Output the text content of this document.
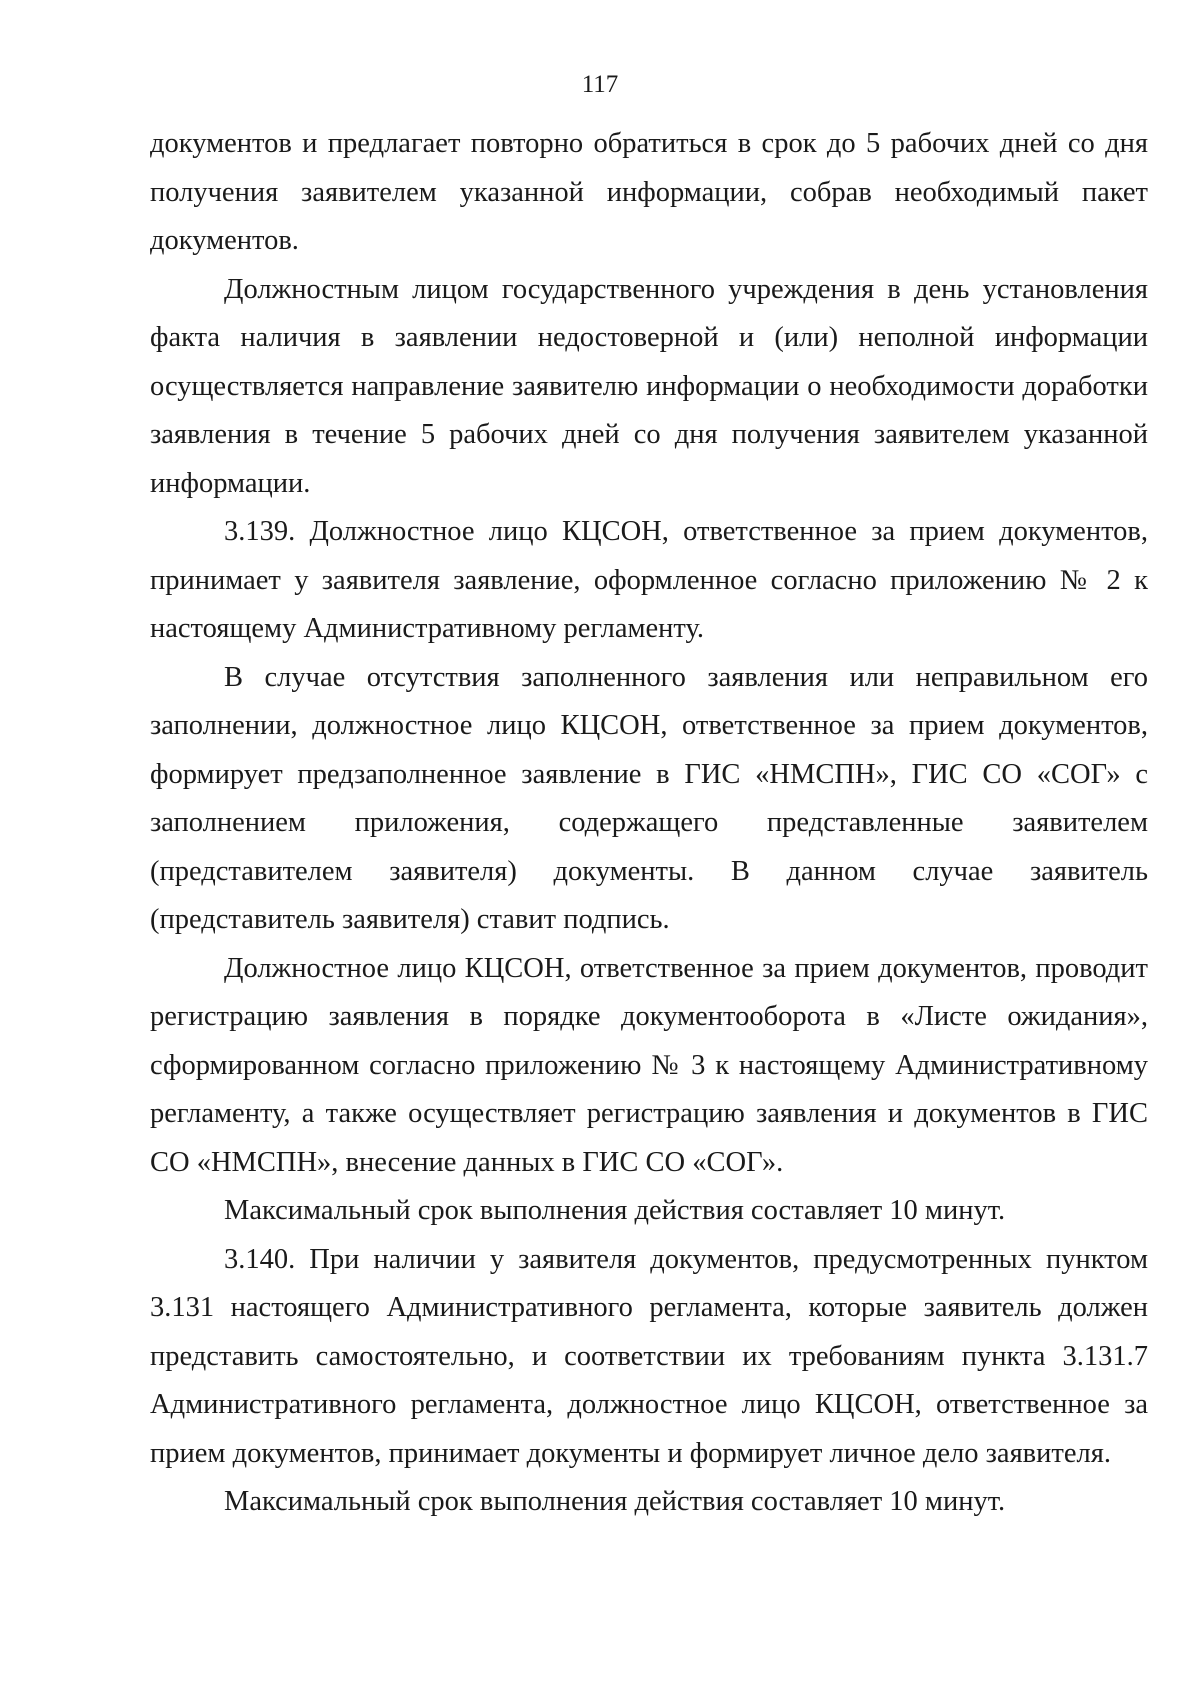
117

документов и предлагает повторно обратиться в срок до 5 рабочих дней со дня получения заявителем указанной информации, собрав необходимый пакет документов.

Должностным лицом государственного учреждения в день установления факта наличия в заявлении недостоверной и (или) неполной информации осуществляется направление заявителю информации о необходимости доработки заявления в течение 5 рабочих дней со дня получения заявителем указанной информации.

3.139. Должностное лицо КЦСОН, ответственное за прием документов, принимает у заявителя заявление, оформленное согласно приложению № 2 к настоящему Административному регламенту.

В случае отсутствия заполненного заявления или неправильном его заполнении, должностное лицо КЦСОН, ответственное за прием документов, формирует предзаполненное заявление в ГИС «НМСПН», ГИС СО «СОГ» с заполнением приложения, содержащего представленные заявителем (представителем заявителя) документы. В данном случае заявитель (представитель заявителя) ставит подпись.

Должностное лицо КЦСОН, ответственное за прием документов, проводит регистрацию заявления в порядке документооборота в «Листе ожидания», сформированном согласно приложению № 3 к настоящему Административному регламенту, а также осуществляет регистрацию заявления и документов в ГИС СО «НМСПН», внесение данных в ГИС СО «СОГ».

Максимальный срок выполнения действия составляет 10 минут.

3.140. При наличии у заявителя документов, предусмотренных пунктом 3.131 настоящего Административного регламента, которые заявитель должен представить самостоятельно, и соответствии их требованиям пункта 3.131.7 Административного регламента, должностное лицо КЦСОН, ответственное за прием документов, принимает документы и формирует личное дело заявителя.

Максимальный срок выполнения действия составляет 10 минут.
